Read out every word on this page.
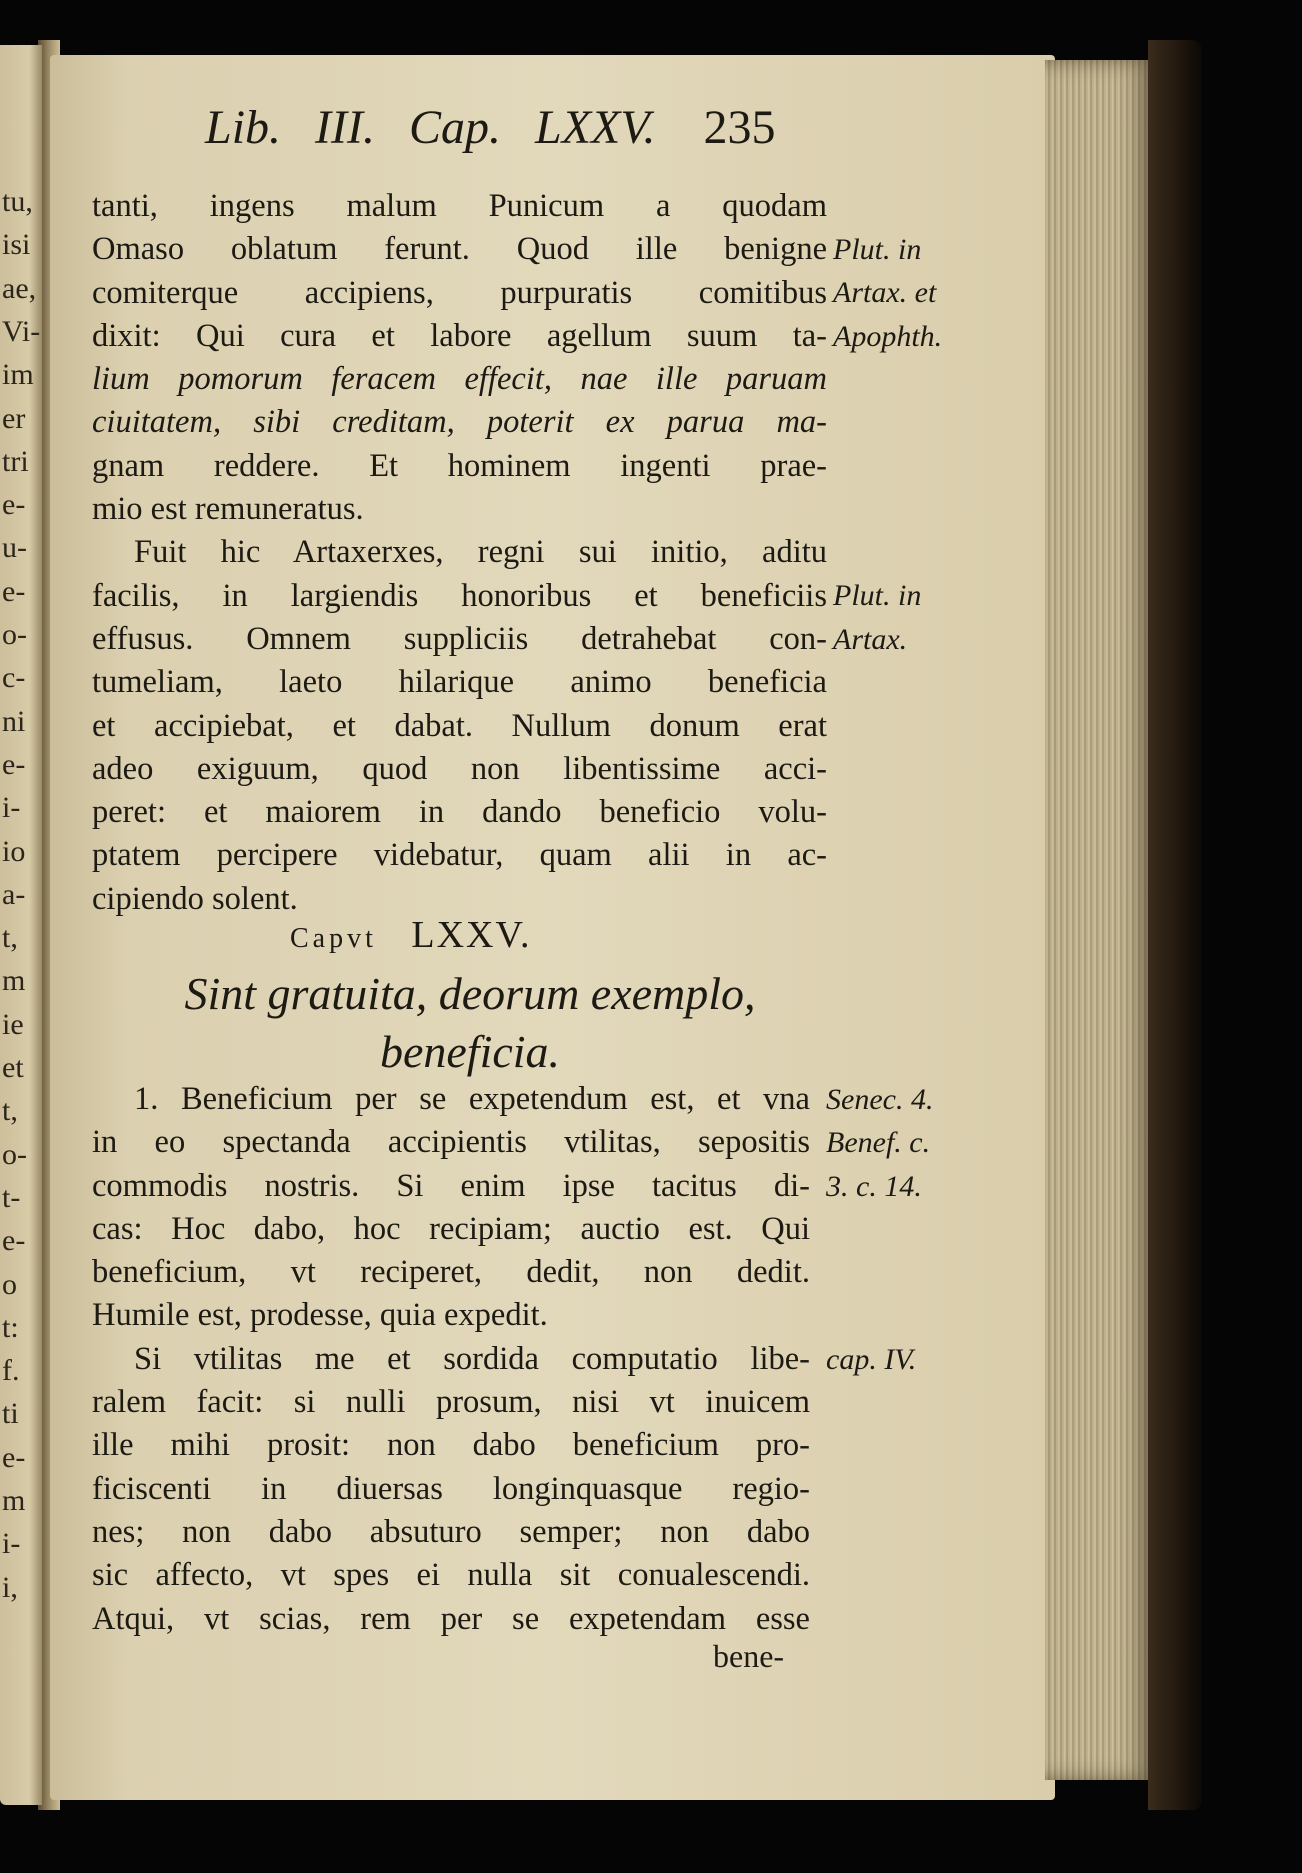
tu,
isi
ae,
Vi-
im
er
tri
e-
u-
e-
o-
c-
ni
e-
i-
io
a-
t,
m
ie
et
t,
o-
t-
e-
o
t:
f.
ti
e-
m
i-
i,
Lib. III. Cap. LXXV. 235
tanti, ingens malum Punicum a quodam
Omaso oblatum ferunt. Quod ille benigne
comiterque accipiens, purpuratis comitibus
dixit: Qui cura et labore agellum suum ta-
lium pomorum feracem effecit, nae ille paruam
ciuitatem, sibi creditam, poterit ex parua ma-
gnam reddere. Et hominem ingenti prae-
mio est remuneratus.
Fuit hic Artaxerxes, regni sui initio, aditu
facilis, in largiendis honoribus et beneficiis
effusus. Omnem suppliciis detrahebat con-
tumeliam, laeto hilarique animo beneficia
et accipiebat, et dabat. Nullum donum erat
adeo exiguum, quod non libentissime acci-
peret: et maiorem in dando beneficio volu-
ptatem percipere videbatur, quam alii in ac-
cipiendo solent.
Plut. in
Artax. et
Apophth.
Plut. in
Artax.
Capvt LXXV.
Sint gratuita, deorum exemplo,
beneficia.
1. Beneficium per se expetendum est, et vna
in eo spectanda accipientis vtilitas, sepositis
commodis nostris. Si enim ipse tacitus di-
cas: Hoc dabo, hoc recipiam; auctio est. Qui
beneficium, vt reciperet, dedit, non dedit.
Humile est, prodesse, quia expedit.
Si vtilitas me et sordida computatio libe-
ralem facit: si nulli prosum, nisi vt inuicem
ille mihi prosit: non dabo beneficium pro-
ficiscenti in diuersas longinquasque regio-
nes; non dabo absuturo semper; non dabo
sic affecto, vt spes ei nulla sit conualescendi.
Atqui, vt scias, rem per se expetendam esse
Senec. 4.
Benef. c.
3. c. 14.
cap. IV.
bene-
